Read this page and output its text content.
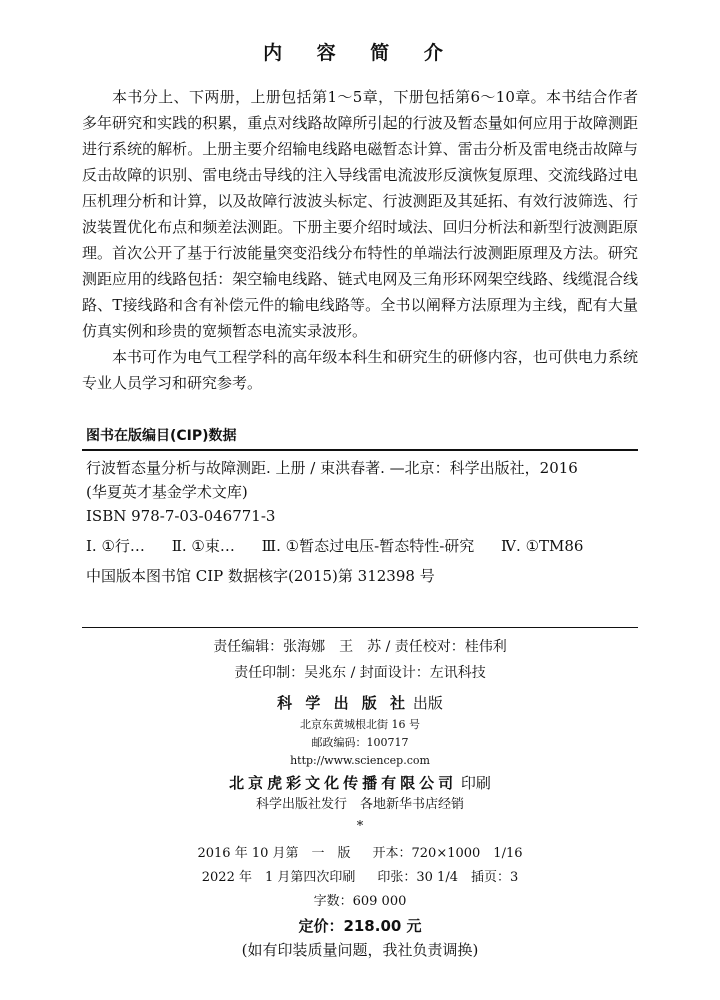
内 容 简 介

本书分上、下两册，上册包括第1～5章，下册包括第6～10章。本书结合作者多年研究和实践的积累，重点对线路故障所引起的行波及暂态量如何应用于故障测距进行系统的解析。上册主要介绍输电线路电磁暂态计算、雷击分析及雷电绕击故障与反击故障的识别、雷电绕击导线的注入导线雷电流波形反演恢复原理、交流线路过电压机理分析和计算，以及故障行波波头标定、行波测距及其延拓、有效行波筛选、行波装置优化布点和频差法测距。下册主要介绍时域法、回归分析法和新型行波测距原理。首次公开了基于行波能量突变沿线分布特性的单端法行波测距原理及方法。研究测距应用的线路包括：架空输电线路、链式电网及三角形环网架空线路、线缆混合线路、T接线路和含有补偿元件的输电线路等。全书以阐释方法原理为主线，配有大量仿真实例和珍贵的宽频暂态电流实录波形。

本书可作为电气工程学科的高年级本科生和研究生的研修内容，也可供电力系统专业人员学习和研究参考。

图书在版编目(CIP)数据
行波暂态量分析与故障测距. 上册 / 束洪春著. —北京：科学出版社，2016
(华夏英才基金学术文库)
ISBN 978-7-03-046771-3
Ⅰ. ①行… Ⅱ. ①束… Ⅲ. ①暂态过电压-暂态特性-研究 Ⅳ. ①TM86
中国版本图书馆 CIP 数据核字(2015)第 312398 号
责任编辑：张海娜　王　苏 / 责任校对：桂伟利
责任印制：吴兆东 / 封面设计：左讯科技
科 学 出 版 社 出版
北京东黄城根北街 16 号
邮政编码：100717
http://www.sciencep.com
北京虎彩文化传播有限公司 印刷
科学出版社发行　各地新华书店经销
*
2016 年 10 月第　一　版 开本：720×1000　1/16
2022 年　1 月第四次印刷 印张：30 1/4　插页：3
字数：609 000
定价：218.00 元
(如有印装质量问题，我社负责调换)
